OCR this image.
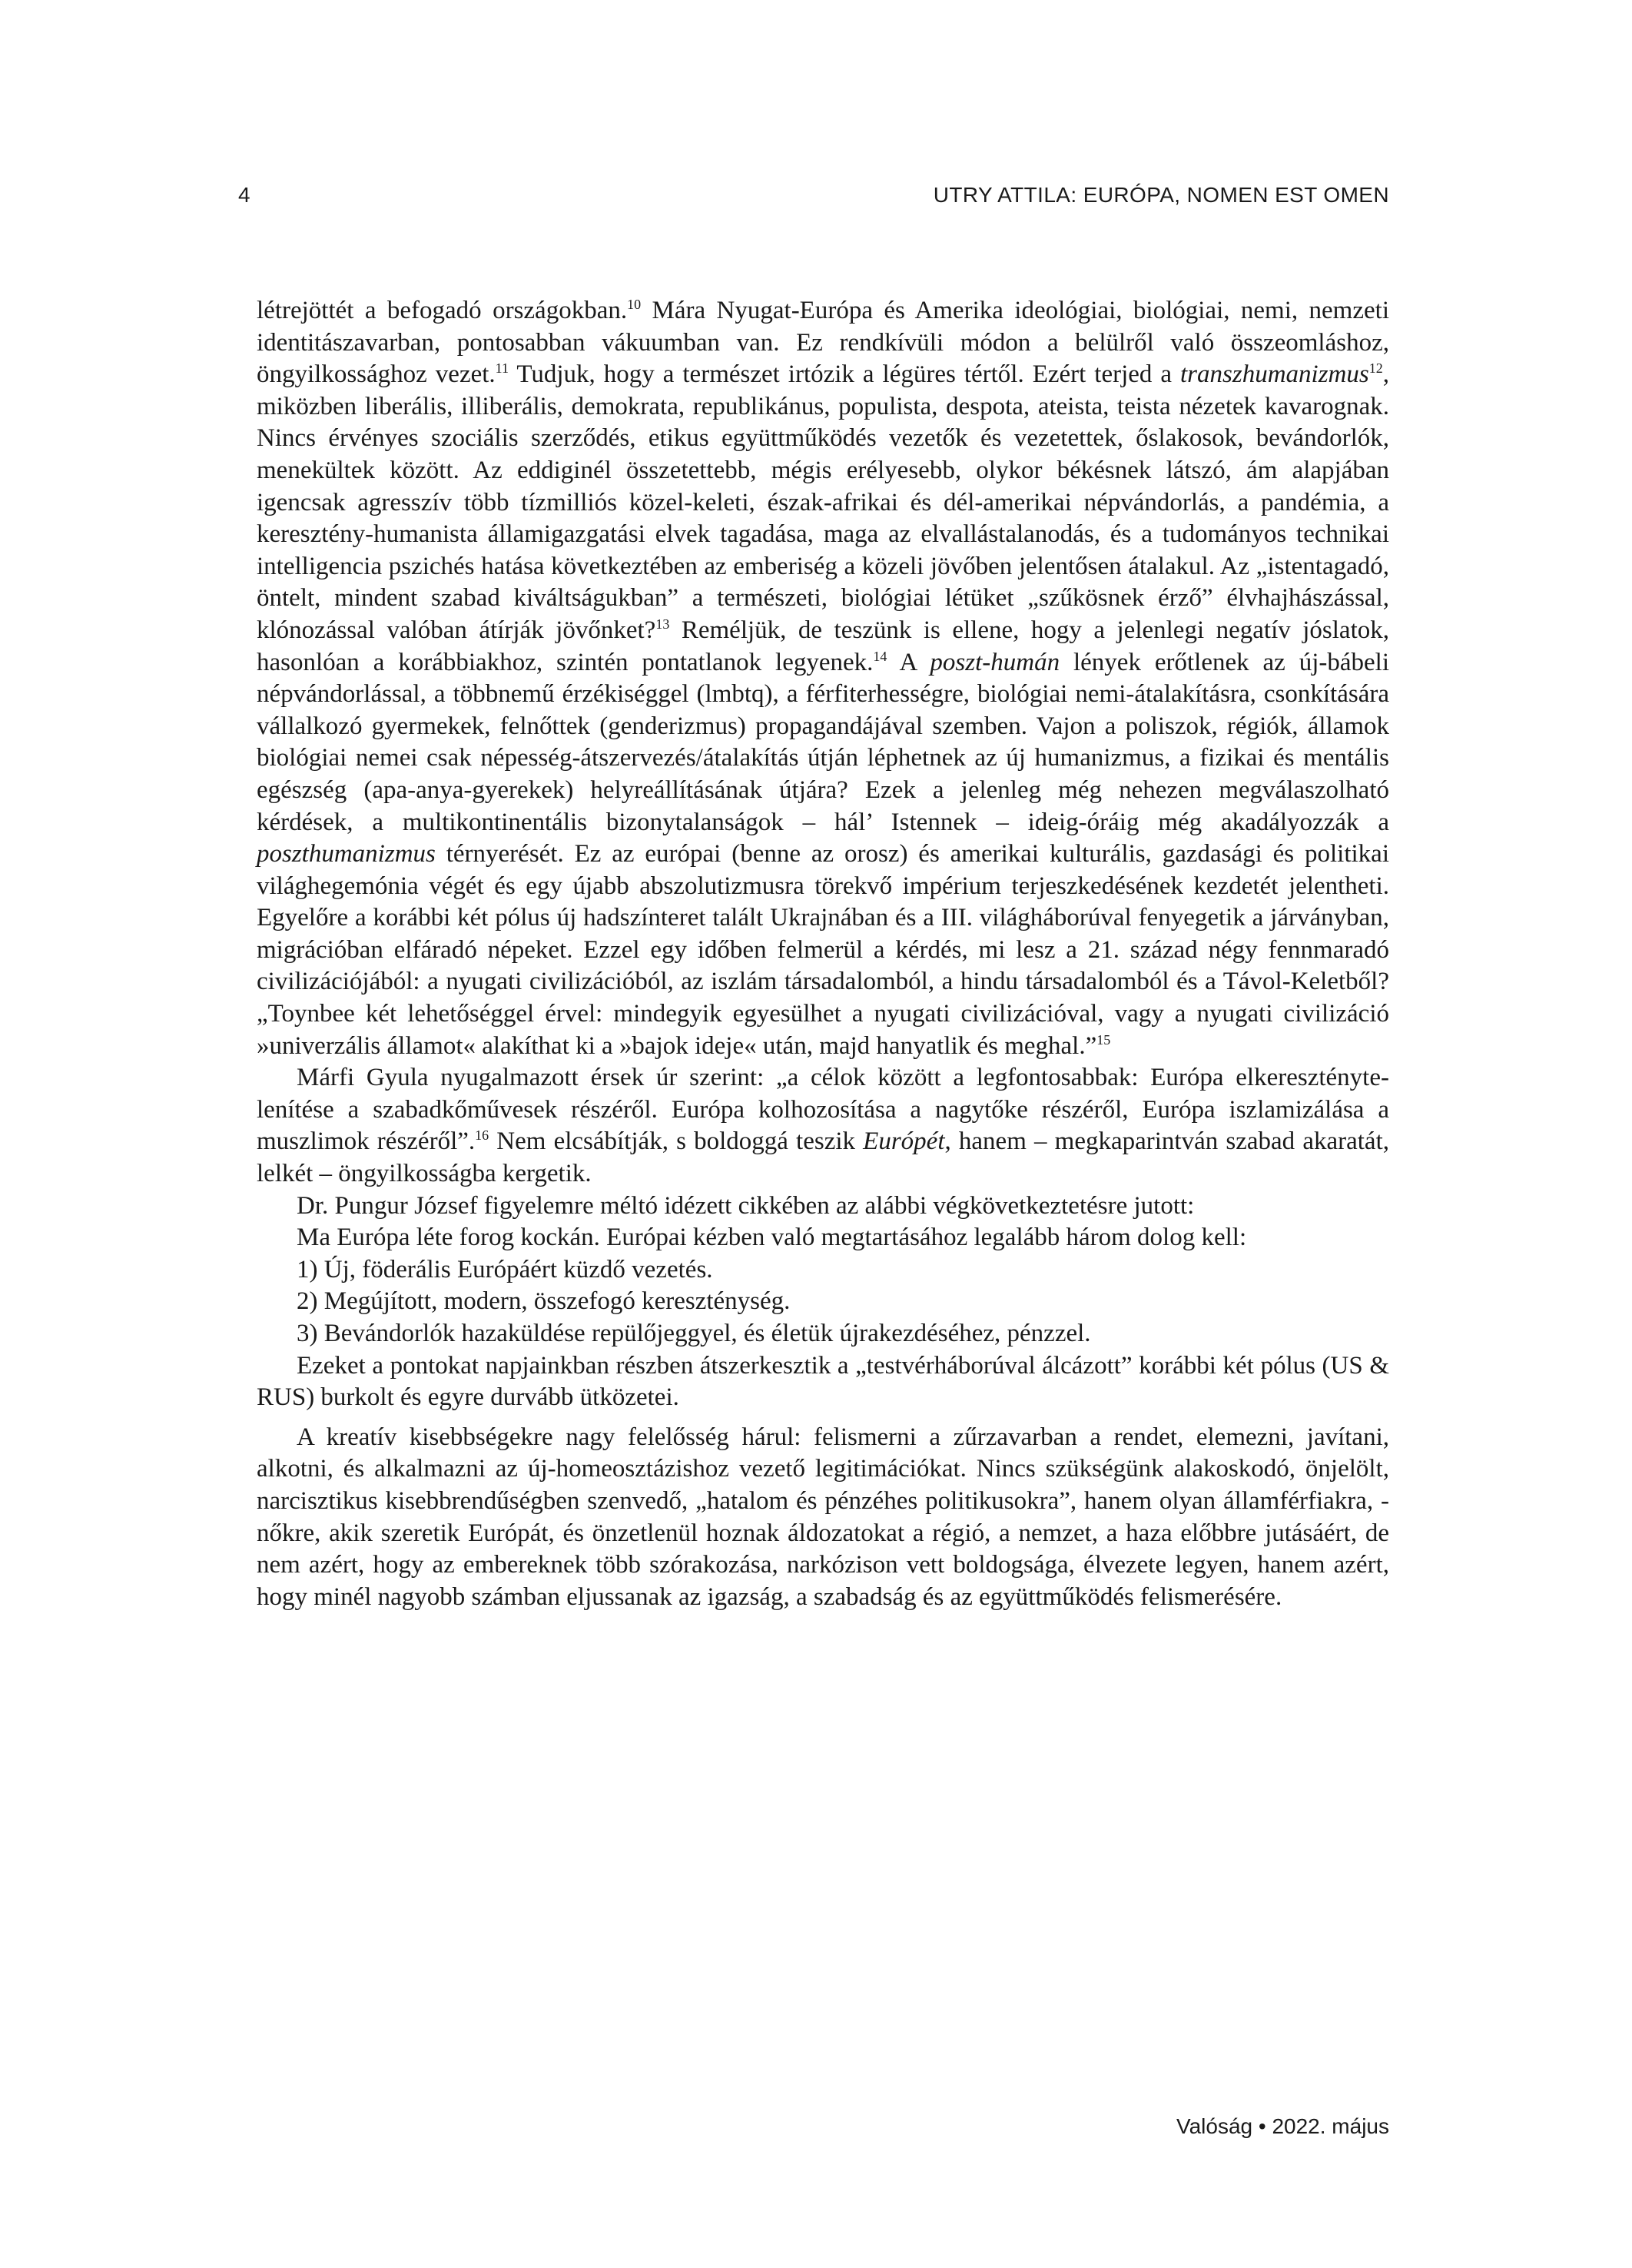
4	UTRY ATTILA: EURÓPA, NOMEN EST OMEN

létrejöttét a befogadó országokban.$^{10}$ Mára Nyugat-Európa és Amerika ideológiai, biológiai, nemi, nemzeti identitászavarban, pontosabban vákuumban van. Ez rendkívüli módon a belülről való összeomláshoz, öngyilkossághoz vezet.$^{11}$ Tudjuk, hogy a természet irtózik a légüres tértől. Ezért terjed a transzhumanizmus$^{12}$, miközben liberális, illiberális, demokrata, republikánus, populista, despota, ateista, teista nézetek kavarognak. Nincs érvényes szociális szerződés, etikus együttműködés vezetők és vezetettek, őslakosok, bevándorlók, menekültek között. Az eddiginél összetettebb, mégis erélyesebb, olykor békésnek látszó, ám alapjában igencsak agresszív több tízmilliós közel-keleti, észak-afrikai és dél-amerikai népvándorlás, a pandémia, a keresztény-humanista államigazgatási elvek tagadása, maga az elvallástalanodás, és a tudományos technikai intelligencia pszichés hatása következtében az emberiség a közeli jövőben jelentősen átalakul. Az „istentagadó, öntelt, mindent szabad kiváltságukban” a természeti, biológiai létüket „szűkösnek érző” élvhajhászással, klónozással valóban átírják jövőnket?$^{13}$ Reméljük, de teszünk is ellene, hogy a jelenlegi negatív jóslatok, hasonlóan a korábbiakhoz, szintén pontatlanok legyenek.$^{14}$ A poszt-humán lények erőtlenek az új-bábeli népvándorlással, a többnemű érzékiséggel (lmbtq), a férfiterhességre, biológiai nemi-átalakításra, csonkítására vállalkozó gyermekek, felnőttek (genderizmus) propagandájával szemben. Vajon a poliszok, régiók, államok biológiai nemei csak népesség-átszervezés/átalakítás útján léphetnek az új humanizmus, a fizikai és mentális egészség (apa-anya-gyerekek) helyreállításának útjára? Ezek a jelenleg még nehezen megválaszolható kérdések, a multikontinentális bizonytalanságok – hál’ Istennek – ideig-óráig még akadályozzák a poszthumanizmus térnyerését. Ez az európai (benne az orosz) és amerikai kulturális, gazdasági és politikai világhegemónia végét és egy újabb abszolutizmusra törekvő impérium terjeszkedésének kezdetét jelentheti. Egyelőre a korábbi két pólus új hadszínteret talált Ukrajnában és a III. világháborúval fenyegetik a járványban, migrációban elfáradó népeket. Ezzel egy időben felmerül a kérdés, mi lesz a 21. század négy fennmaradó civilizációjából: a nyugati civilizációból, az iszlám társadalomból, a hindu társadalomból és a Távol-Keletből? „Toynbee két lehetőséggel érvel: mindegyik egyesülhet a nyugati civilizációval, vagy a nyugati civilizáció »univerzális államot« alakíthat ki a »bajok ideje« után, majd hanyatlik és meghal.”$^{15}$

Márfi Gyula nyugalmazott érsek úr szerint: „a célok között a legfontosabbak: Európa elkereszténytelenítése a szabadkőművesek részéről. Európa kolhozosítása a nagytőke részéről, Európa iszlamizálása a muszlimok részéről”.$^{16}$ Nem elcsábítják, s boldoggá teszik Európét, hanem – megkaparintván szabad akaratát, lelkét – öngyilkosságba kergetik.

Dr. Pungur József figyelemre méltó idézett cikkében az alábbi végkövetkeztetésre jutott:

Ma Európa léte forog kockán. Európai kézben való megtartásához legalább három dolog kell:

1) Új, föderális Európáért küzdő vezetés.

2) Megújított, modern, összefogó kereszténység.

3) Bevándorlók hazaküldése repülőjeggyel, és életük újrakezdéséhez, pénzzel.

Ezeket a pontokat napjainkban részben átszerkesztik a „testvérháborúval álcázott” korábbi két pólus (US & RUS) burkolt és egyre durvább ütközetei.

A kreatív kisebbségekre nagy felelősség hárul: felismerni a zűrzavarban a rendet, elemezni, javítani, alkotni, és alkalmazni az új-homeosztázishoz vezető legitimációkat. Nincs szükségünk alakoskodó, önjelölt, narcisztikus kisebbrendűségben szenvedő, „hatalom és pénzéhes politikusokra”, hanem olyan államférfiakra, -nőkre, akik szeretik Európát, és önzetlenül hoznak áldozatokat a régió, a nemzet, a haza előbbre jutásáért, de nem azért, hogy az embereknek több szórakozása, narkózison vett boldogsága, élvezete legyen, hanem azért, hogy minél nagyobb számban eljussanak az igazság, a szabadság és az együttműködés felismerésére.

Valóság • 2022. május
